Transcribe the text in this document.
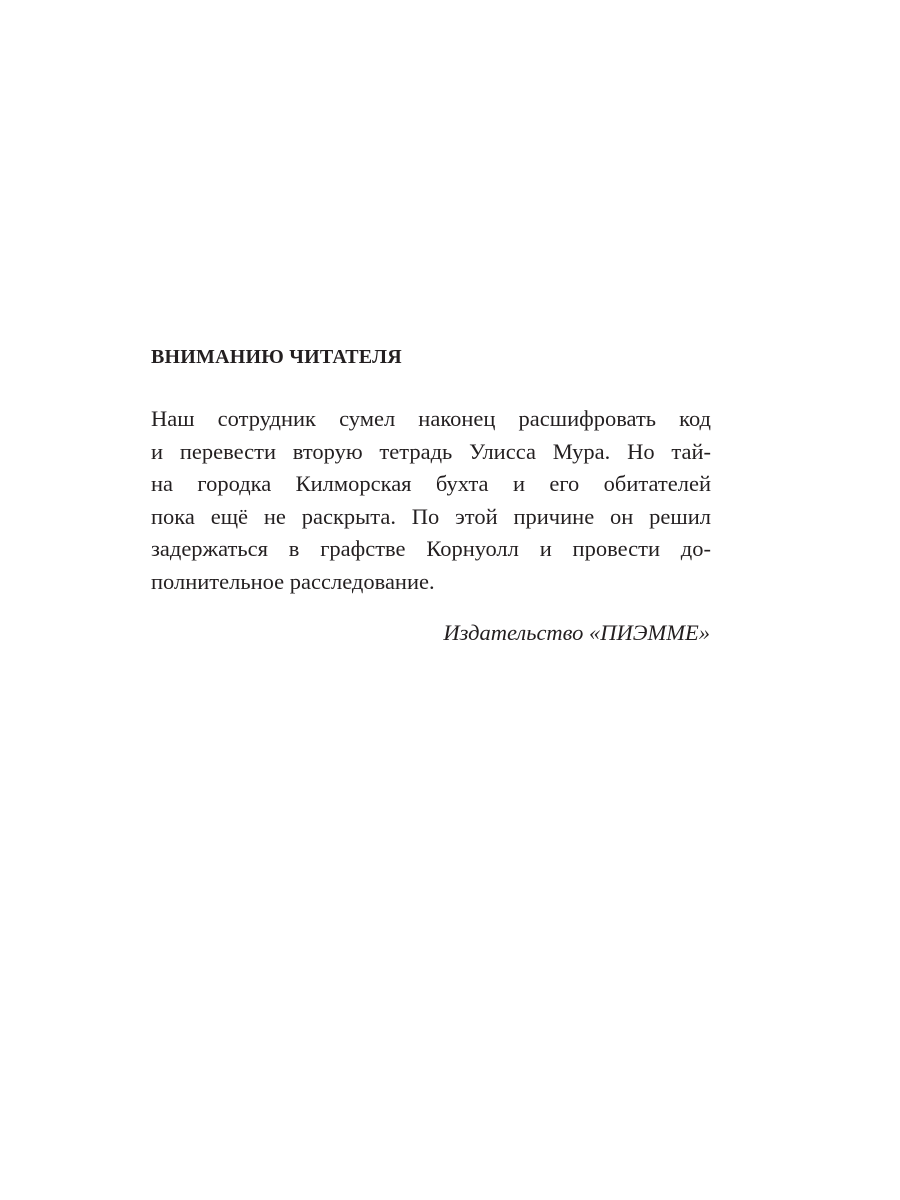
ВНИМАНИЮ ЧИТАТЕЛЯ
Наш сотрудник сумел наконец расшифровать код
и перевести вторую тетрадь Улисса Мура. Но тай-
на городка Килморская бухта и его обитателей
пока ещё не раскрыта. По этой причине он решил
задержаться в графстве Корнуолл и провести до-
полнительное расследование.
Издательство «ПИЭММЕ»
